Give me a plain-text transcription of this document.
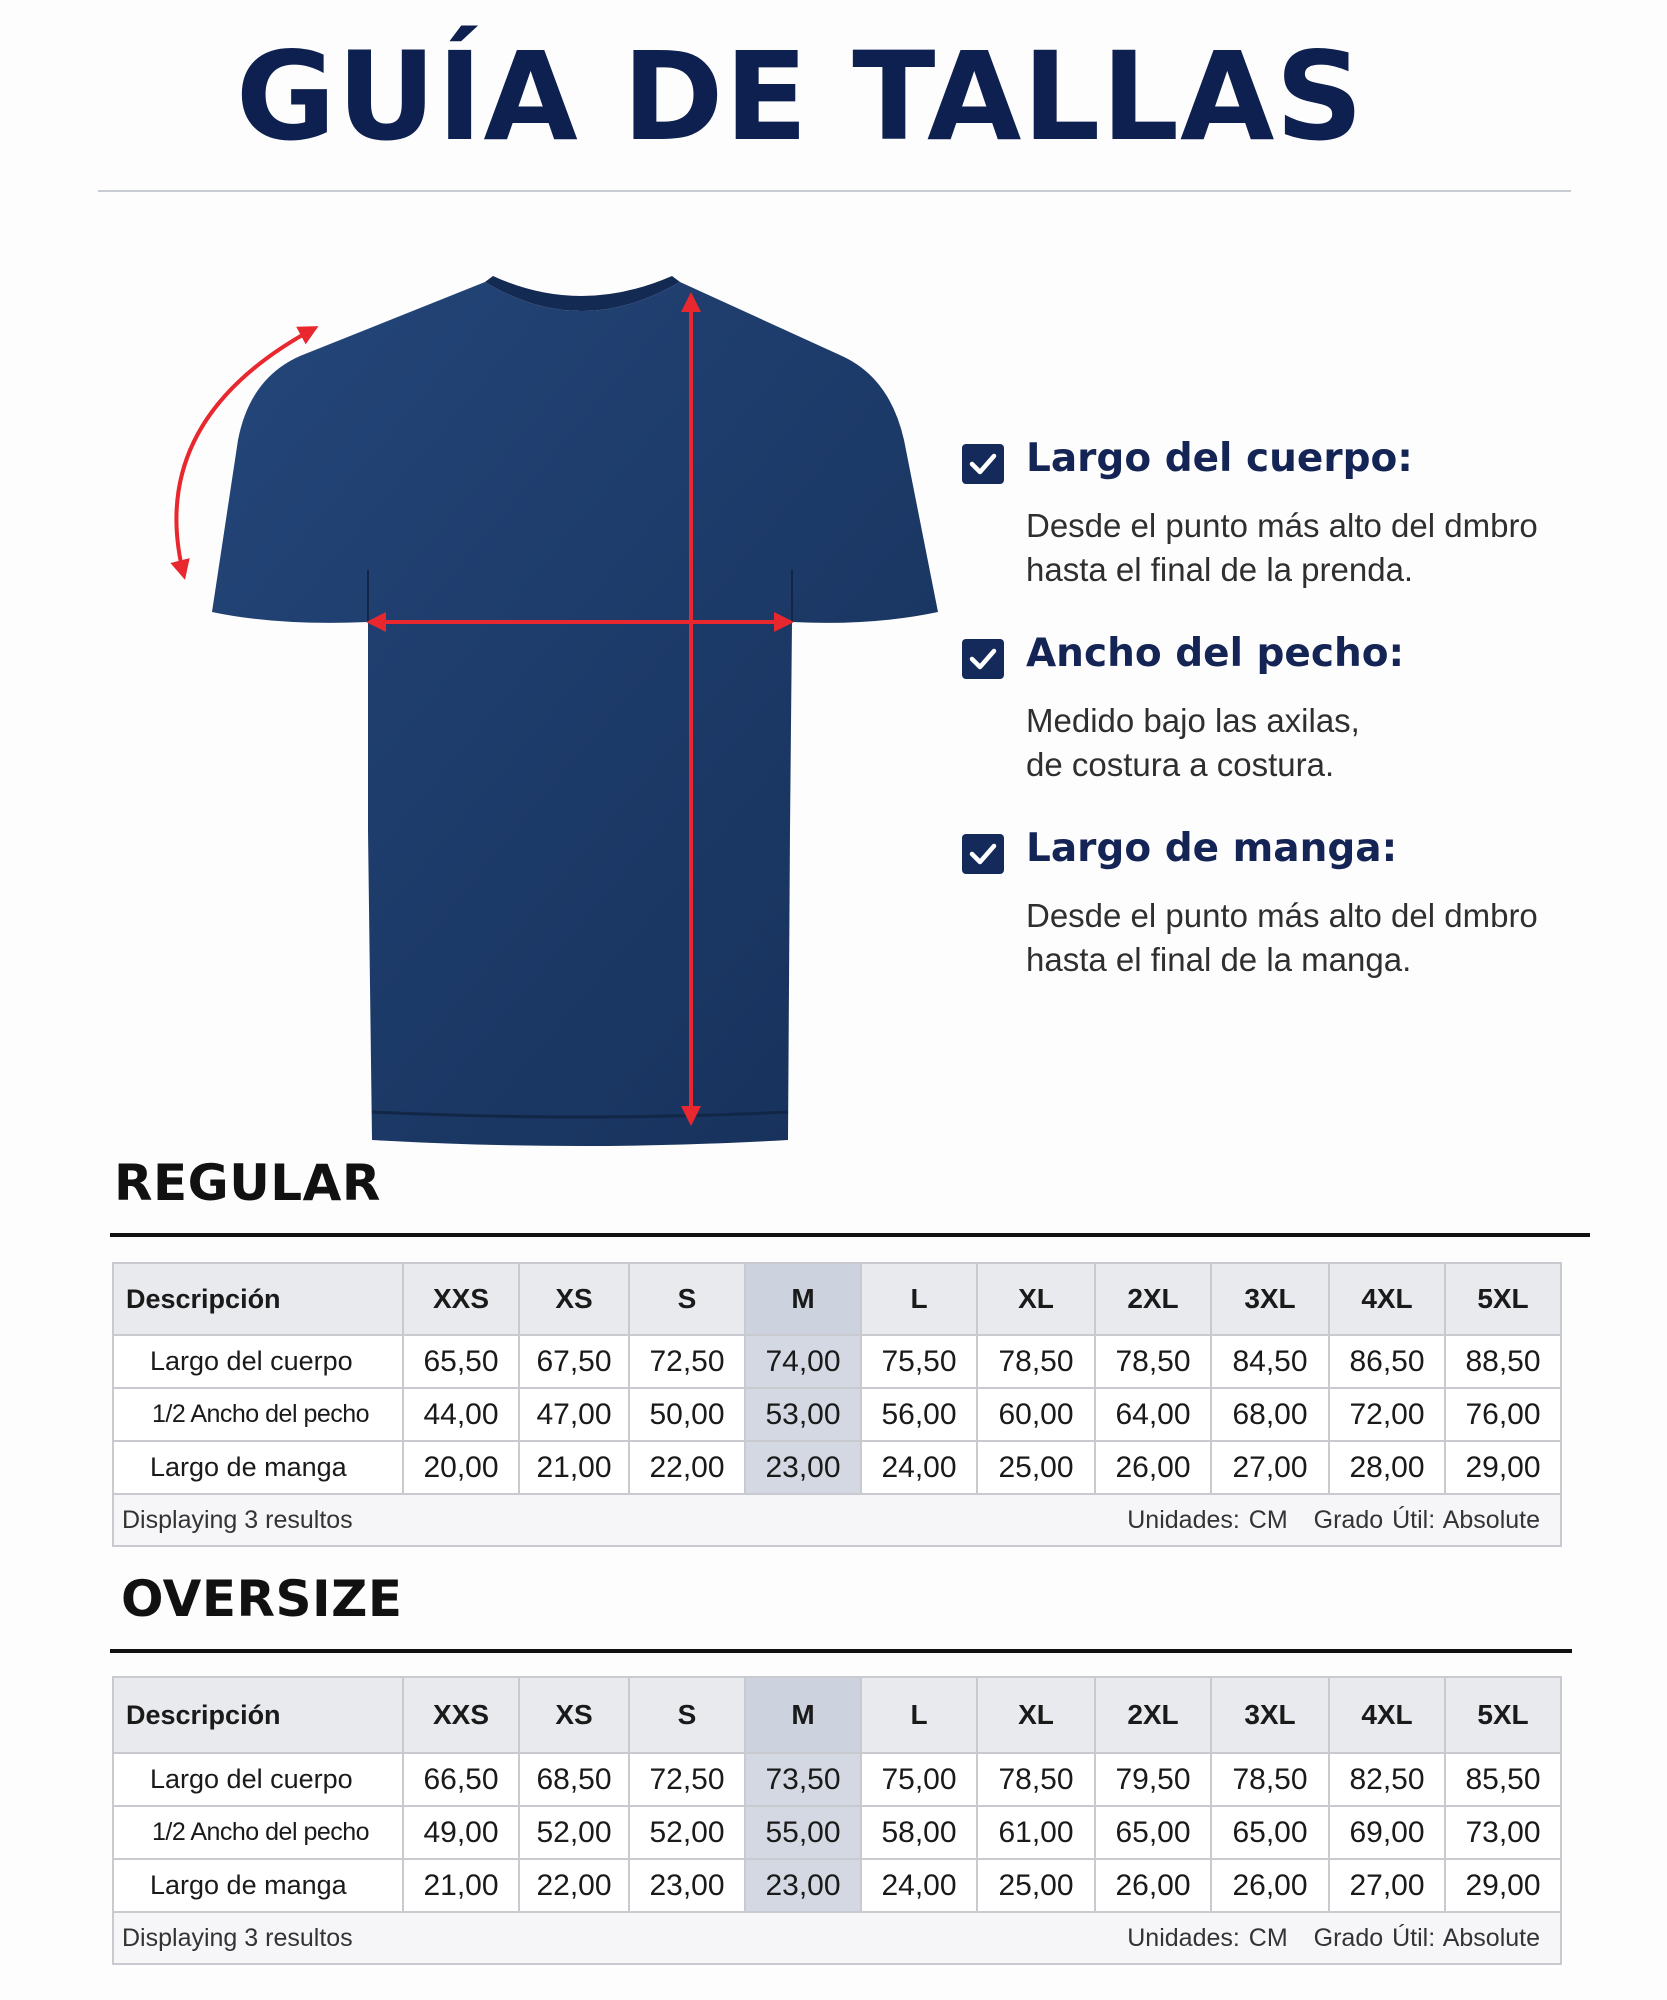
GUÍA DE TALLAS
Largo del cuerpo:
Desde el punto más alto del dmbro
hasta el final de la prenda.
Ancho del pecho:
Medido bajo las axilas,
de costura a costura.
Largo de manga:
Desde el punto más alto del dmbro
hasta el final de la manga.
REGULAR
Descripción	XXS	XS	S	M	L	XL	2XL	3XL	4XL	5XL
Largo del cuerpo	65,50	67,50	72,50	74,00	75,50	78,50	78,50	84,50	86,50	88,50
1/2 Ancho del pecho	44,00	47,00	50,00	53,00	56,00	60,00	64,00	68,00	72,00	76,00
Largo de manga	20,00	21,00	22,00	23,00	24,00	25,00	26,00	27,00	28,00	29,00

Displaying 3 resultos Unidades: CM Grado Útil: Absolute										
OVERSIZE
Descripción	XXS	XS	S	M	L	XL	2XL	3XL	4XL	5XL
Largo del cuerpo	66,50	68,50	72,50	73,50	75,00	78,50	79,50	78,50	82,50	85,50
1/2 Ancho del pecho	49,00	52,00	52,00	55,00	58,00	61,00	65,00	65,00	69,00	73,00
Largo de manga	21,00	22,00	23,00	23,00	24,00	25,00	26,00	26,00	27,00	29,00

Displaying 3 resultos Unidades: CM Grado Útil: Absolute										
